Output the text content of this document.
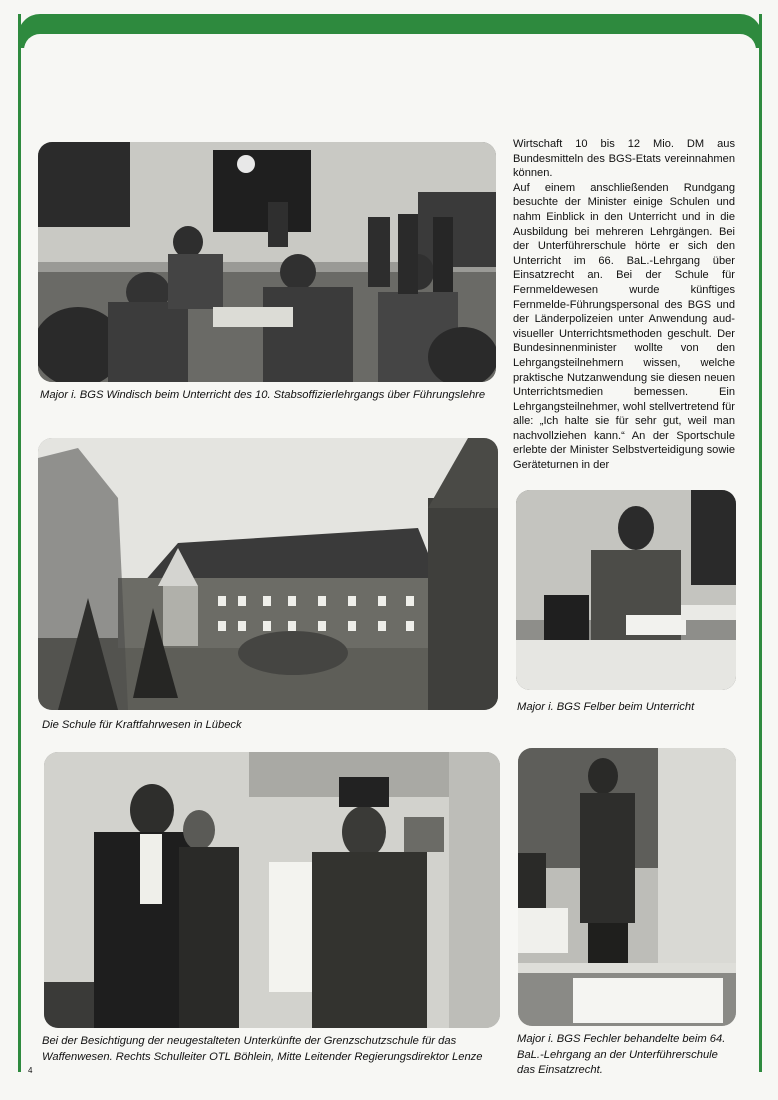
Major i. BGS Windisch beim Unterricht des 10. Stabsoffizierlehrgangs über Führungslehre

Wirtschaft 10 bis 12 Mio. DM aus Bundesmitteln des BGS-Etats vereinnahmen können.

Auf einem anschließenden Rundgang besuchte der Minister einige Schulen und nahm Einblick in den Unterricht und in die Ausbildung bei mehreren Lehrgängen. Bei der Unterführerschule hörte er sich den Unterricht im 66. BaL.-Lehrgang über Einsatzrecht an. Bei der Schule für Fernmeldewesen wurde künftiges Fernmelde-Führungspersonal des BGS und der Länderpolizeien unter Anwendung aud-visueller Unterrichtsmethoden geschult. Der Bundesinnenminister wollte von den Lehrgangsteilnehmern wissen, welche praktische Nutzanwendung sie diesen neuen Unterrichtsmedien bemessen. Ein Lehrgangsteilnehmer, wohl stellvertretend für alle: „Ich halte sie für sehr gut, weil man nachvollziehen kann.“ An der Sportschule erlebte der Minister Selbstverteidigung sowie Geräteturnen in der

Die Schule für Kraftfahrwesen in Lübeck

Major i. BGS Felber beim Unterricht

Bei der Besichtigung der neugestalteten Unterkünfte der Grenzschutzschule für das Waffenwesen. Rechts Schulleiter OTL Böhlein, Mitte Leitender Regierungsdirektor Lenze

Major i. BGS Fechler behandelte beim 64. BaL.-Lehrgang an der Unterführerschule das Einsatzrecht.

4
